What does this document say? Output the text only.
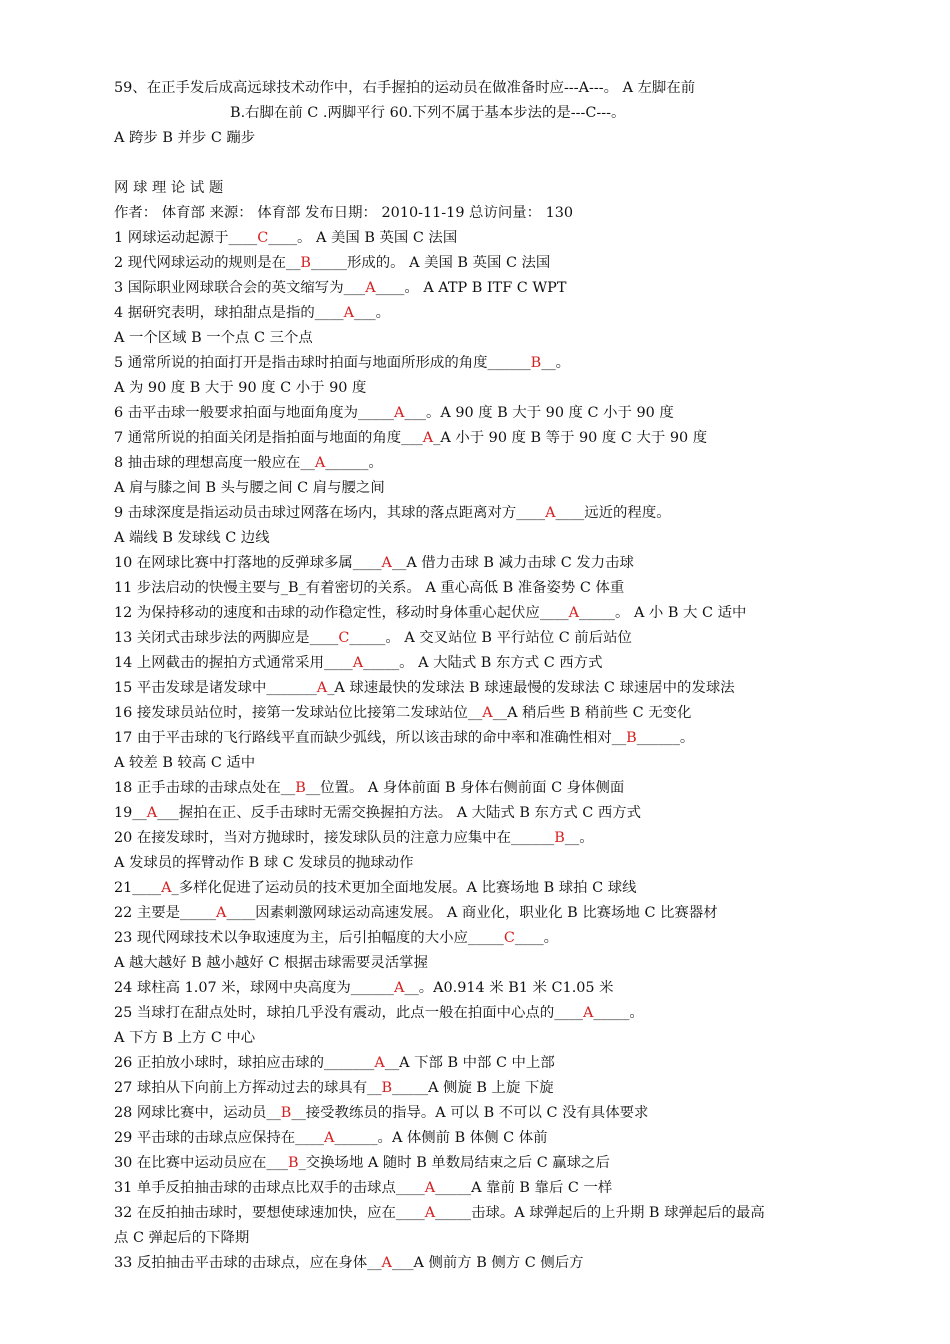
59、在正手发后成高远球技术动作中，右手握拍的运动员在做准备时应---A---。 A 左脚在前
B.右脚在前 C .两脚平行 60.下列不属于基本步法的是---C---。
A 跨步 B 并步 C 蹦步
网 球 理 论 试 题
作者： 体育部 来源： 体育部 发布日期： 2010-11-19 总访问量： 130
1 网球运动起源于____C____。 A 美国 B 英国 C 法国
2 现代网球运动的规则是在__B_____形成的。 A 美国 B 英国 C 法国
3 国际职业网球联合会的英文缩写为___A____。 A ATP B ITF C WPT
4 据研究表明，球拍甜点是指的____A___。
A 一个区域 B 一个点 C 三个点
5 通常所说的拍面打开是指击球时拍面与地面所形成的角度______B__。
A 为 90 度 B 大于 90 度 C 小于 90 度
6 击平击球一般要求拍面与地面角度为_____A___。A 90 度 B 大于 90 度 C 小于 90 度
7 通常所说的拍面关闭是指拍面与地面的角度___A_A 小于 90 度 B 等于 90 度 C 大于 90 度
8 抽击球的理想高度一般应在__A______。
A 肩与膝之间 B 头与腰之间 C 肩与腰之间
9 击球深度是指运动员击球过网落在场内，其球的落点距离对方____A____远近的程度。
A 端线 B 发球线 C 边线
10 在网球比赛中打落地的反弹球多属____A__A 借力击球 B 减力击球 C 发力击球
11 步法启动的快慢主要与_B_有着密切的关系。 A 重心高低 B 准备姿势 C 体重
12 为保持移动的速度和击球的动作稳定性，移动时身体重心起伏应____A_____。 A 小 B 大 C 适中
13 关闭式击球步法的两脚应是____C_____。 A 交叉站位 B 平行站位 C 前后站位
14 上网截击的握拍方式通常采用____A_____。 A 大陆式 B 东方式 C 西方式
15 平击发球是诸发球中_______A_A 球速最快的发球法 B 球速最慢的发球法 C 球速居中的发球法
16 接发球员站位时，接第一发球站位比接第二发球站位__A__A 稍后些 B 稍前些 C 无变化
17 由于平击球的飞行路线平直而缺少弧线，所以该击球的命中率和准确性相对__B______。
A 较差 B 较高 C 适中
18 正手击球的击球点处在__B__位置。 A 身体前面 B 身体右侧前面 C 身体侧面
19__A___握拍在正、反手击球时无需交换握拍方法。 A 大陆式 B 东方式 C 西方式
20 在接发球时，当对方抛球时，接发球队员的注意力应集中在______B__。
A 发球员的挥臂动作 B 球 C 发球员的抛球动作
21____A_多样化促进了运动员的技术更加全面地发展。A 比赛场地 B 球拍 C 球线
22 主要是_____A____因素刺激网球运动高速发展。 A 商业化，职业化 B 比赛场地 C 比赛器材
23 现代网球技术以争取速度为主，后引拍幅度的大小应_____C____。
A 越大越好 B 越小越好 C 根据击球需要灵活掌握
24 球柱高 1.07 米，球网中央高度为______A__。A0.914 米 B1 米 C1.05 米
25 当球打在甜点处时，球拍几乎没有震动，此点一般在拍面中心点的____A_____。
A 下方 B 上方 C 中心
26 正拍放小球时，球拍应击球的_______A__A 下部 B 中部 C 中上部
27 球拍从下向前上方挥动过去的球具有__B_____A 侧旋 B 上旋 下旋
28 网球比赛中，运动员__B__接受教练员的指导。A 可以 B 不可以 C 没有具体要求
29 平击球的击球点应保持在____A______。A 体侧前 B 体侧 C 体前
30 在比赛中运动员应在___B_交换场地 A 随时 B 单数局结束之后 C 赢球之后
31 单手反拍抽击球的击球点比双手的击球点____A_____A 靠前 B 靠后 C 一样
32 在反拍抽击球时，要想使球速加快，应在____A_____击球。A 球弹起后的上升期 B 球弹起后的最高
点 C 弹起后的下降期
33 反拍抽击平击球的击球点，应在身体__A___A 侧前方 B 侧方 C 侧后方
